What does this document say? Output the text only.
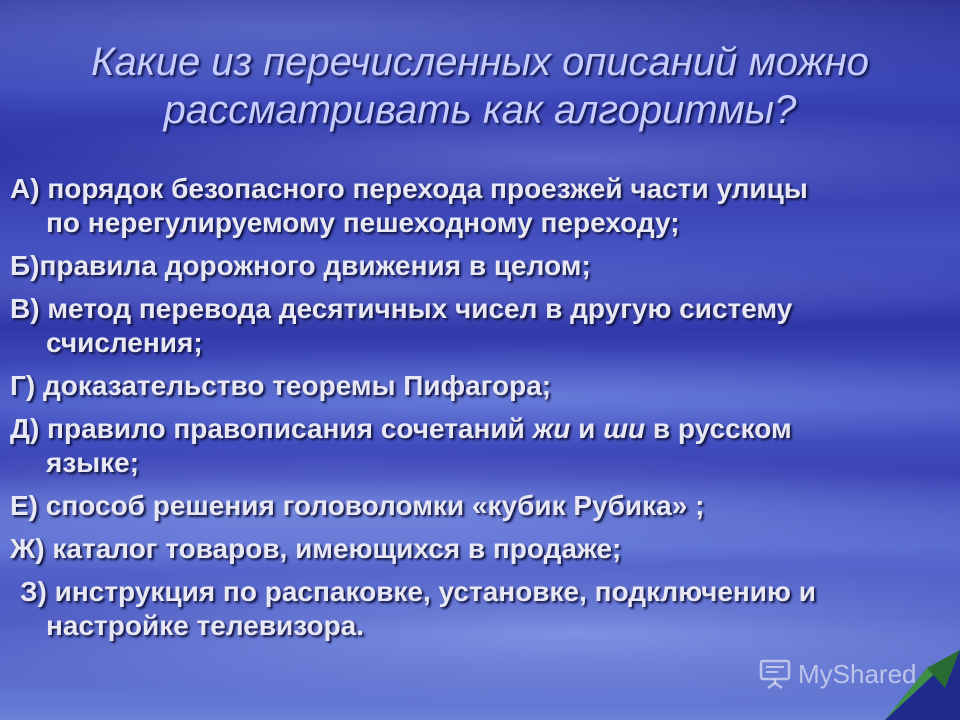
Какие из перечисленных описаний можно
рассматривать как алгоритмы?
А) порядок безопасного перехода проезжей части улицы
по нерегулируемому пешеходному переходу;
Б)правила дорожного движения в целом;
В) метод перевода десятичных чисел в другую систему
счисления;
Г) доказательство теоремы Пифагора;
Д) правило правописания сочетаний жи и ши в русском
языке;
Е) способ решения головоломки «кубик Рубика» ;
Ж) каталог товаров, имеющихся в продаже;
З) инструкция по распаковке, установке, подключению и
настройке телевизора.
MyShared
